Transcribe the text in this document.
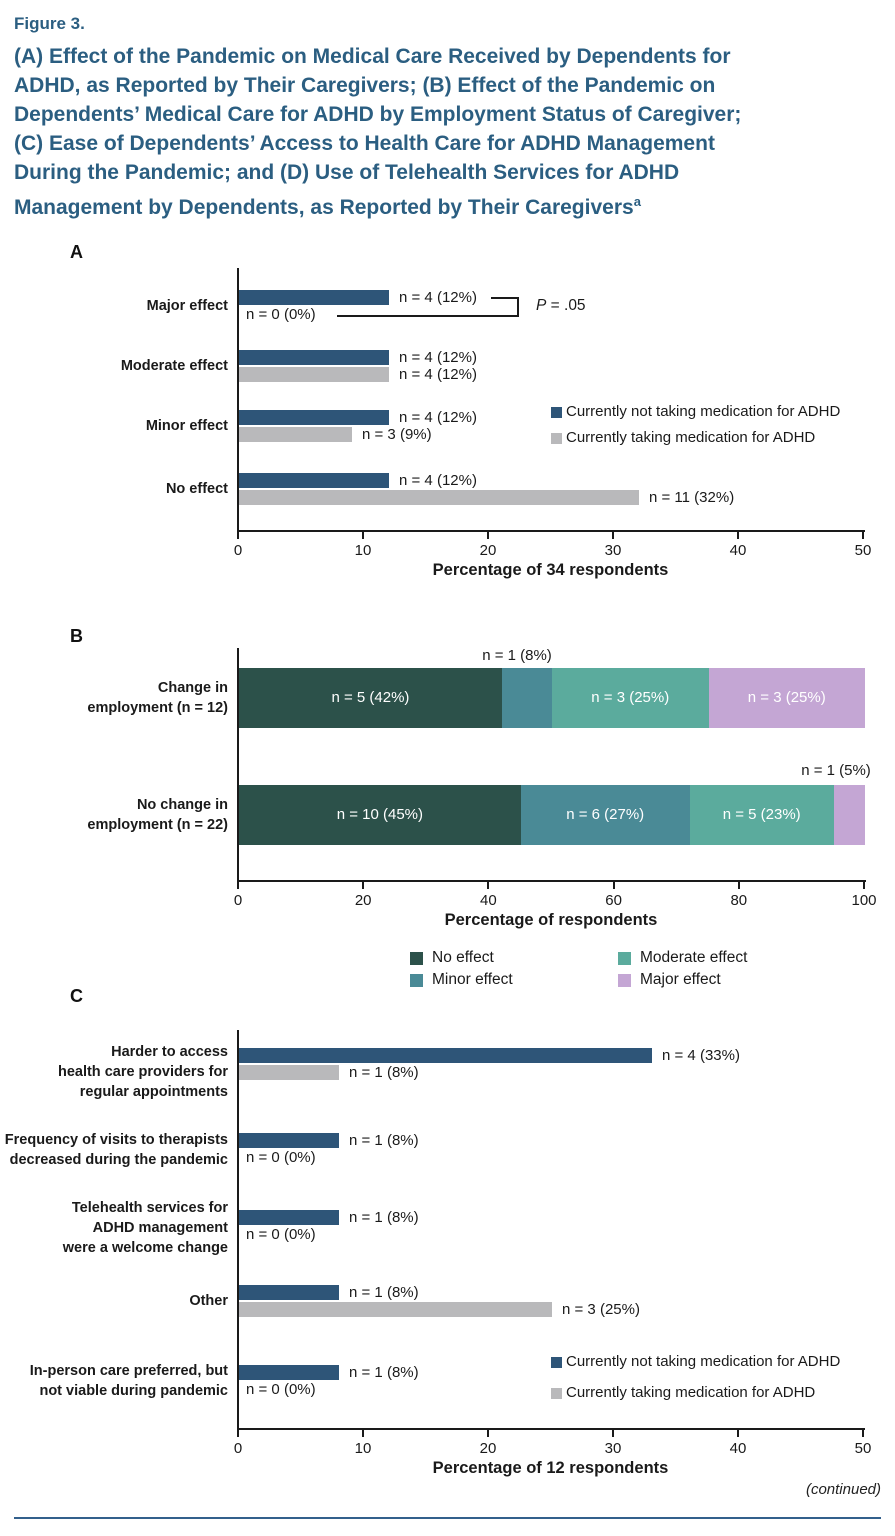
Figure 3.
(A) Effect of the Pandemic on Medical Care Received by Dependents for
ADHD, as Reported by Their Caregivers; (B) Effect of the Pandemic on
Dependents’ Medical Care for ADHD by Employment Status of Caregiver;
(C) Ease of Dependents’ Access to Health Care for ADHD Management
During the Pandemic; and (D) Use of Telehealth Services for ADHD
Management by Dependents, as Reported by Their Caregivers$^a$
(continued)
A
Major effect
Moderate effect
Minor effect
No effect
n = 4 (12%)
n = 4 (12%)
n = 4 (12%)
n = 4 (12%)
n = 0 (0%)
n = 4 (12%)
n = 3 (9%)
n = 11 (32%)
0	10	20	30	40	50
Percentage of 34 respondents
Currently not taking medication for ADHD
Currently taking medication for ADHD
P = .05
B
Change in
employment (n = 12)
No change in
employment (n = 22)
n = 5 (42%)
n = 1 (8%)
n = 3 (25%)	n = 3 (25%)
n = 10 (45%)	n = 6 (27%)	n = 5 (23%)
n = 1 (5%)
0	20	40	60	80	100
Percentage of respondents
No effect	Moderate effect
Minor effect	Major effect
C
Harder to access
health care providers for
regular appointments
Frequency of visits to therapists
decreased during the pandemic
Telehealth services for
ADHD management
were a welcome change
Other
In-person care preferred, but
not viable during pandemic
n = 4 (33%)
n = 1 (8%)
n = 1 (8%)
n = 1 (8%)
n = 1 (8%)
n = 1 (8%)
n = 0 (0%)
n = 0 (0%)
n = 3 (25%)
n = 0 (0%)
0	10	20	30	40	50
Percentage of 12 respondents
Currently not taking medication for ADHD
Currently taking medication for ADHD
